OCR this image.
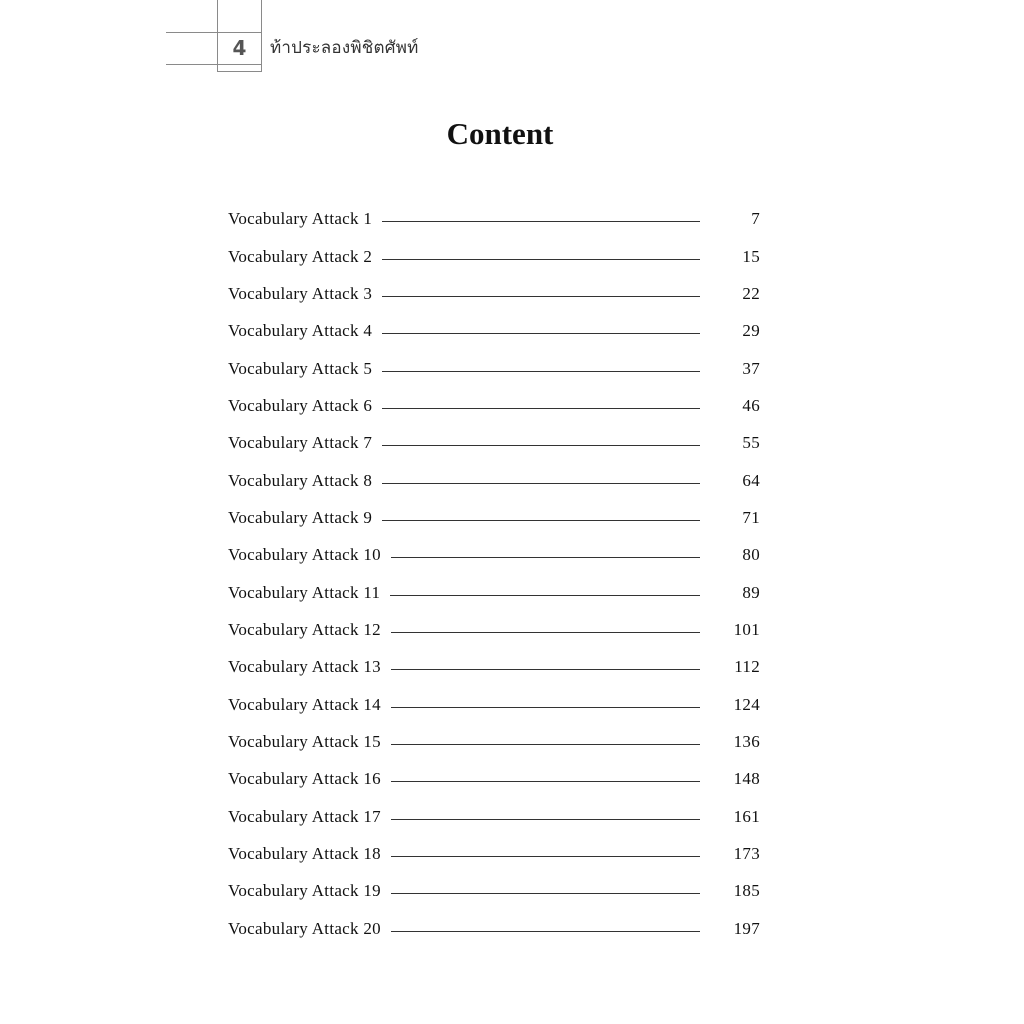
4	ท้าประลองพิชิตศัพท์
Content
Vocabulary Attack 1	7
Vocabulary Attack 2	15
Vocabulary Attack 3	22
Vocabulary Attack 4	29
Vocabulary Attack 5	37
Vocabulary Attack 6	46
Vocabulary Attack 7	55
Vocabulary Attack 8	64
Vocabulary Attack 9	71
Vocabulary Attack 10	80
Vocabulary Attack 11	89
Vocabulary Attack 12	101
Vocabulary Attack 13	112
Vocabulary Attack 14	124
Vocabulary Attack 15	136
Vocabulary Attack 16	148
Vocabulary Attack 17	161
Vocabulary Attack 18	173
Vocabulary Attack 19	185
Vocabulary Attack 20	197
